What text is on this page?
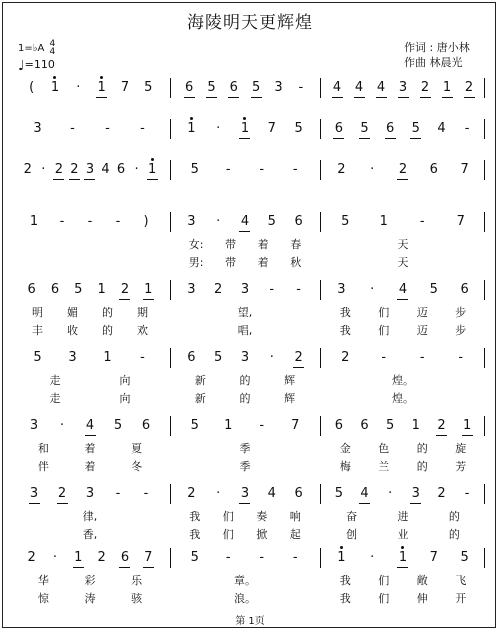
海陵明天更辉煌
作词 : 唐小林
作曲 林晨光
1=♭A 4
4
♩=110
( 1 · 1 7 5	6 5 6 5 3 - 4 4 4 3 2 1 2
3 - - -	1 · 1 7 5 6 5 6 5 4 -
2 · 2 2 3 4 6 · 1	5 - - -	2 · 2 6 7
1 - - - )	3 · 4 5 6	5 1 - 7
女: 带 着 春	天
男: 带 着 秋	天
6 6 5 1 2 1	3 2 3 - -	3 · 4 5 6
明 媚 的 期	望,	我	们	迈	步
丰 收 的 欢	唱,	我	们	迈	步
5 3 1 -	6 5 3 · 2	2 -	-	-
走	向	新	的	辉	煌。
走	向	新	的	辉	煌。
3 · 4 5 6	5 1 - 7	6 6 5 1 2 1
和	着	夏	季	金	色	的	旋
伴	着	冬	季	梅	兰	的	芳
3 2 3 - -	2 · 3 4 6 5 4 · 3 2 -
律,	我 们 奏 响	奋	进	的
香,	我 们 掀 起	创	业	的
2 · 1 2 6 7	5 - - -	1 · 1 7 5
华	彩	乐	章。	我	们	敞	飞
惊	涛	骇	浪。	我	们	伸	开
第 1页
